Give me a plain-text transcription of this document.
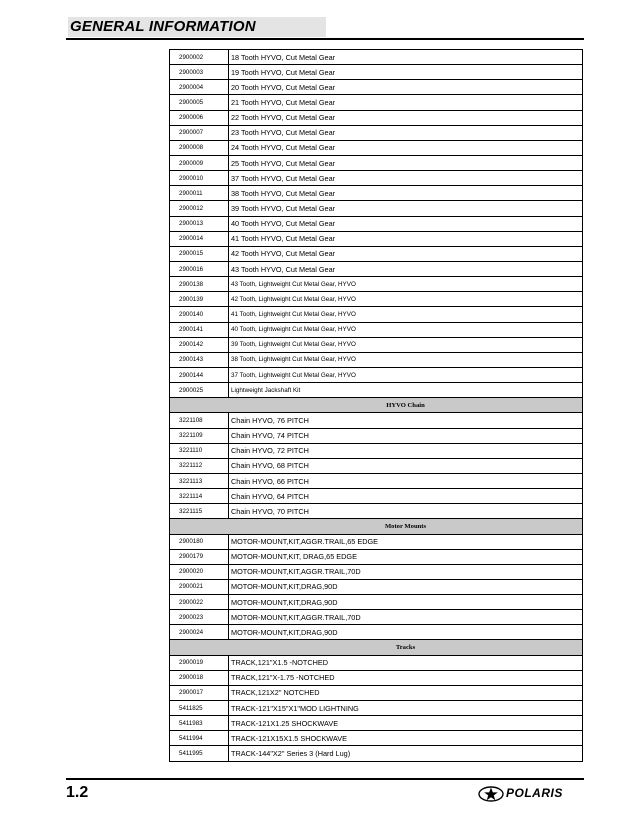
GENERAL INFORMATION
2900002	18 Tooth HYVO, Cut Metal Gear
2900003	19 Tooth HYVO, Cut Metal Gear
2900004	20 Tooth HYVO, Cut Metal Gear
2900005	21 Tooth HYVO, Cut Metal Gear
2900006	22 Tooth HYVO, Cut Metal Gear
2900007	23 Tooth HYVO, Cut Metal Gear
2900008	24 Tooth HYVO, Cut Metal Gear
2900009	25 Tooth HYVO, Cut Metal Gear
2900010	37 Tooth HYVO, Cut Metal Gear
2900011	38 Tooth HYVO, Cut Metal Gear
2900012	39 Tooth HYVO, Cut Metal Gear
2900013	40 Tooth HYVO, Cut Metal Gear
2900014	41 Tooth HYVO, Cut Metal Gear
2900015	42 Tooth HYVO, Cut Metal Gear
2900016	43 Tooth HYVO, Cut Metal Gear
2900138	43 Tooth, Lightweight Cut Metal Gear, HYVO
2900139	42 Tooth, Lightweight Cut Metal Gear, HYVO
2900140	41 Tooth, Lightweight Cut Metal Gear, HYVO
2900141	40 Tooth, Lightweight Cut Metal Gear, HYVO
2900142	39 Tooth, Lightweight Cut Metal Gear, HYVO
2900143	38 Tooth, Lightweight Cut Metal Gear, HYVO
2900144	37 Tooth, Lightweight Cut Metal Gear, HYVO
2900025	Lightweight Jackshaft Kit
HYVO Chain	
3221108	Chain HYVO, 76 PITCH
3221109	Chain HYVO, 74 PITCH
3221110	Chain HYVO, 72 PITCH
3221112	Chain HYVO, 68 PITCH
3221113	Chain HYVO, 66 PITCH
3221114	Chain HYVO, 64 PITCH
3221115	Chain HYVO, 70 PITCH
Motor Mounts	
2900180	MOTOR-MOUNT,KIT,AGGR.TRAIL,65 EDGE
2900179	MOTOR-MOUNT,KIT, DRAG,65 EDGE
2900020	MOTOR-MOUNT,KIT,AGGR.TRAIL,70D
2900021	MOTOR-MOUNT,KIT,DRAG,90D
2900022	MOTOR-MOUNT,KIT,DRAG,90D
2900023	MOTOR-MOUNT,KIT,AGGR.TRAIL,70D
2900024	MOTOR-MOUNT,KIT,DRAG,90D
Tracks	
2900019	TRACK,121"X1.5 -NOTCHED
2900018	TRACK,121"X-1.75 -NOTCHED
2900017	TRACK,121X2" NOTCHED
5411825	TRACK-121"X15"X1"MOD LIGHTNING
5411983	TRACK-121X1.25 SHOCKWAVE
5411994	TRACK-121X15X1.5 SHOCKWAVE
5411995	TRACK-144"X2" Series 3 (Hard Lug)
1.2	POLARIS
